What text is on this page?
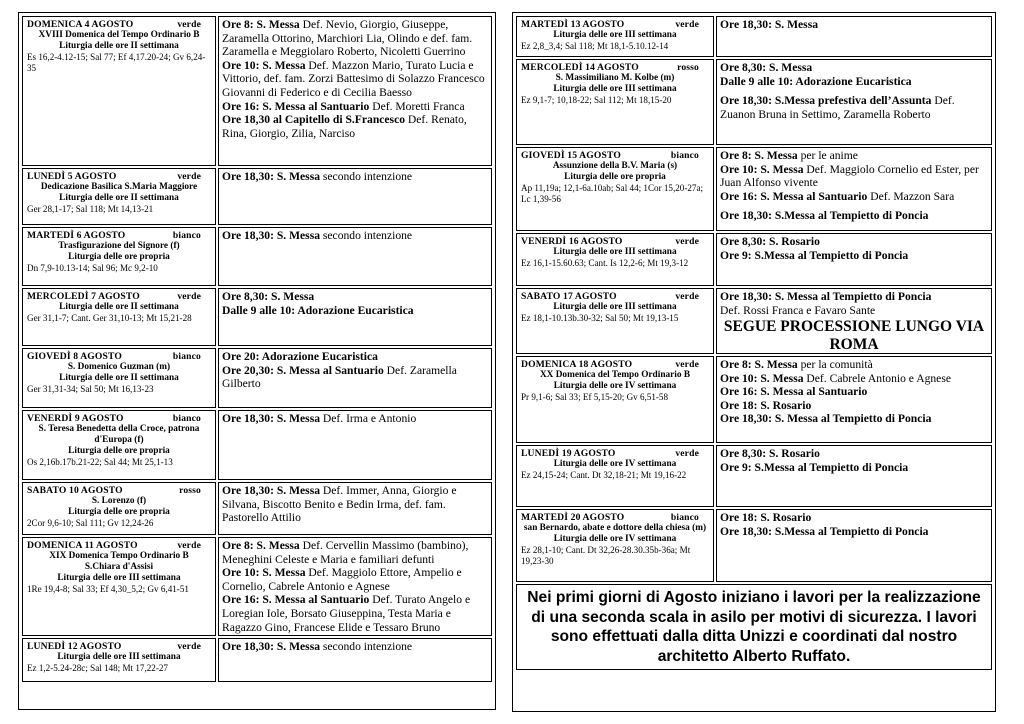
DOMENICA 4 AGOSTO	verde
XVIII Domenica del Tempo Ordinario B
Liturgia delle ore II settimana
Es 16,2-4.12-15; Sal 77; Ef 4,17.20-24; Gv 6,24-35
Ore 8: S. Messa Def. Nevio, Giorgio, Giuseppe, Zaramella Ottorino, Marchiori Lia, Olindo e def. fam. Zaramella e Meggiolaro Roberto, Nicoletti Guerrino
Ore 10: S. Messa Def. Mazzon Mario, Turato Lucia e Vittorio, def. fam. Zorzi Battesimo di Solazzo Francesco Giovanni di Federico e di Cecilia Baesso
Ore 16: S. Messa al Santuario Def. Moretti Franca
Ore 18,30 al Capitello di S.Francesco Def. Renato, Rina, Giorgio, Zilia, Narciso
LUNEDÌ 5 AGOSTO	verde
Dedicazione Basilica S.Maria Maggiore
Liturgia delle ore II settimana
Ger 28,1-17; Sal 118; Mt 14,13-21
Ore 18,30: S. Messa secondo intenzione
MARTEDÌ 6 AGOSTO	bianco
Trasfigurazione del Signore (f)
Liturgia delle ore propria
Dn 7,9-10.13-14; Sal 96; Mc 9,2-10
Ore 18,30: S. Messa secondo intenzione
MERCOLEDÌ 7 AGOSTO	verde
Liturgia delle ore II settimana
Ger 31,1-7; Cant. Ger 31,10-13; Mt 15,21-28
Ore 8,30: S. Messa
Dalle 9 alle 10: Adorazione Eucaristica
GIOVEDÌ 8 AGOSTO	bianco
S. Domenico Guzman (m)
Liturgia delle ore II settimana
Ger 31,31-34; Sal 50; Mt 16,13-23
Ore 20: Adorazione Eucaristica
Ore 20,30: S. Messa al Santuario Def. Zaramella Gilberto
VENERDÌ 9 AGOSTO	bianco
S. Teresa Benedetta della Croce, patrona d'Europa (f)
Liturgia delle ore propria
Os 2,16b.17b.21-22; Sal 44; Mt 25,1-13
Ore 18,30: S. Messa Def. Irma e Antonio
SABATO 10 AGOSTO	rosso
S. Lorenzo (f)
Liturgia delle ore propria
2Cor 9,6-10; Sal 111; Gv 12,24-26
Ore 18,30: S. Messa Def. Immer, Anna, Giorgio e Silvana, Biscotto Benito e Bedin Irma, def. fam. Pastorello Attilio
DOMENICA 11 AGOSTO	verde
XIX Domenica Tempo Ordinario B
S.Chiara d'Assisi
Liturgia delle ore III settimana
1Re 19,4-8; Sal 33; Ef 4,30_5,2; Gv 6,41-51
Ore 8: S. Messa Def. Cervellin Massimo (bambino), Meneghini Celeste e Maria e familiari defunti
Ore 10: S. Messa Def. Maggiolo Ettore, Ampelio e Cornelio, Cabrele Antonio e Agnese
Ore 16: S. Messa al Santuario Def. Turato Angelo e Loregian Iole, Borsato Giuseppina, Testa Maria e Ragazzo Gino, Francese Elide e Tessaro Bruno
LUNEDÌ 12 AGOSTO	verde
Liturgia delle ore III settimana
Ez 1,2-5.24-28c; Sal 148; Mt 17,22-27
Ore 18,30: S. Messa secondo intenzione
Nei primi giorni di Agosto iniziano i lavori per la realizzazione di una seconda scala in asilo per motivi di sicurezza. I lavori sono effettuati dalla ditta Unizzi e coordinati dal nostro architetto Alberto Ruffato.
MARTEDÌ 13 AGOSTO	verde
Liturgia delle ore III settimana
Ez 2,8_3,4; Sal 118; Mt 18,1-5.10.12-14
Ore 18,30: S. Messa
MERCOLEDÌ 14 AGOSTO	rosso
S. Massimiliano M. Kolbe (m)
Liturgia delle ore III settimana
Ez 9,1-7; 10,18-22; Sal 112; Mt 18,15-20
Ore 8,30: S. Messa
Dalle 9 alle 10: Adorazione Eucaristica
Ore 18,30: S.Messa prefestiva dell’Assunta Def. Zuanon Bruna in Settimo, Zaramella Roberto
GIOVEDÌ 15 AGOSTO	bianco
Assunzione della B.V. Maria (s)
Liturgia delle ore propria
Ap 11,19a; 12,1-6a.10ab; Sal 44; 1Cor 15,20-27a; Lc 1,39-56
Ore 8: S. Messa per le anime
Ore 10: S. Messa Def. Maggiolo Cornelio ed Ester, per Juan Alfonso vivente
Ore 16: S. Messa al Santuario Def. Mazzon Sara
Ore 18,30: S.Messa al Tempietto di Poncia
VENERDÌ 16 AGOSTO	verde
Liturgia delle ore III settimana
Ez 16,1-15.60.63; Cant. Is 12,2-6; Mt 19,3-12
Ore 8,30: S. Rosario
Ore 9: S.Messa al Tempietto di Poncia
SABATO 17 AGOSTO	verde
Liturgia delle ore III settimana
Ez 18,1-10.13b.30-32; Sal 50; Mt 19,13-15
Ore 18,30: S. Messa al Tempietto di Poncia
Def. Rossi Franca e Favaro Sante
SEGUE PROCESSIONE LUNGO VIA ROMA
DOMENICA 18 AGOSTO	verde
XX Domenica del Tempo Ordinario B
Liturgia delle ore IV settimana
Pr 9,1-6; Sal 33; Ef 5,15-20; Gv 6,51-58
Ore 8: S. Messa per la comunità
Ore 10: S. Messa Def. Cabrele Antonio e Agnese
Ore 16: S. Messa al Santuario
Ore 18: S. Rosario
Ore 18,30: S. Messa al Tempietto di Poncia
LUNEDÌ 19 AGOSTO	verde
Liturgia delle ore IV settimana
Ez 24,15-24; Cant. Dt 32,18-21; Mt 19,16-22
Ore 8,30: S. Rosario
Ore 9: S.Messa al Tempietto di Poncia
MARTEDÌ 20 AGOSTO	bianco
san Bernardo, abate e dottore della chiesa (m)
Liturgia delle ore IV settimana
Ez 28,1-10; Cant. Dt 32,26-28.30.35b-36a; Mt 19,23-30
Ore 18: S. Rosario
Ore 18,30: S.Messa al Tempietto di Poncia
